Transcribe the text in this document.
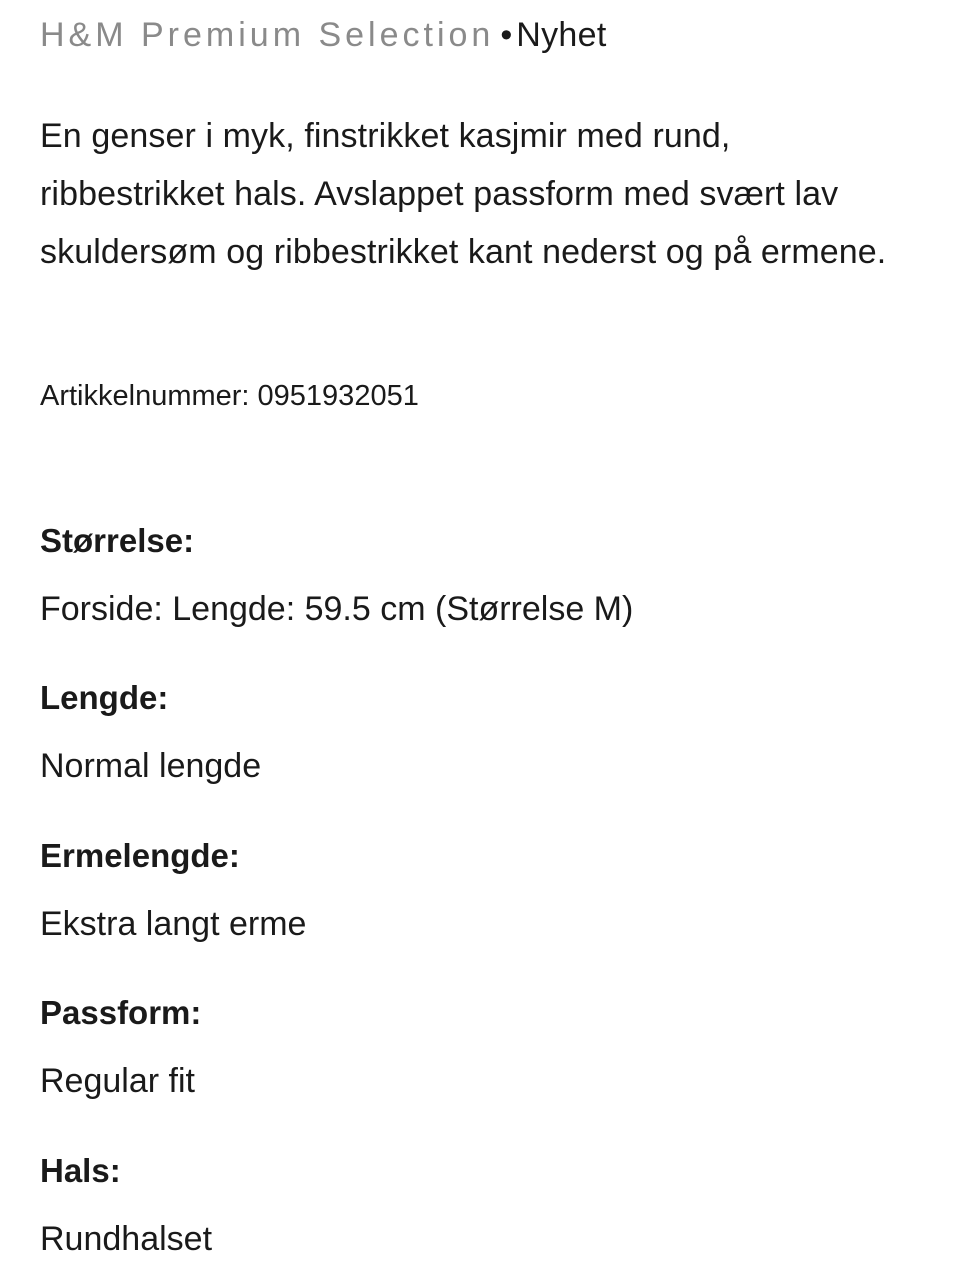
H&M Premium Selection • Nyhet

En genser i myk, finstrikket kasjmir med rund, ribbestrikket hals. Avslappet passform med svært lav skuldersøm og ribbestrikket kant nederst og på ermene.

Artikkelnummer: 0951932051

Størrelse:

Forside: Lengde: 59.5 cm (Størrelse M)

Lengde:

Normal lengde

Ermelengde:

Ekstra langt erme

Passform:

Regular fit

Hals:

Rundhalset
